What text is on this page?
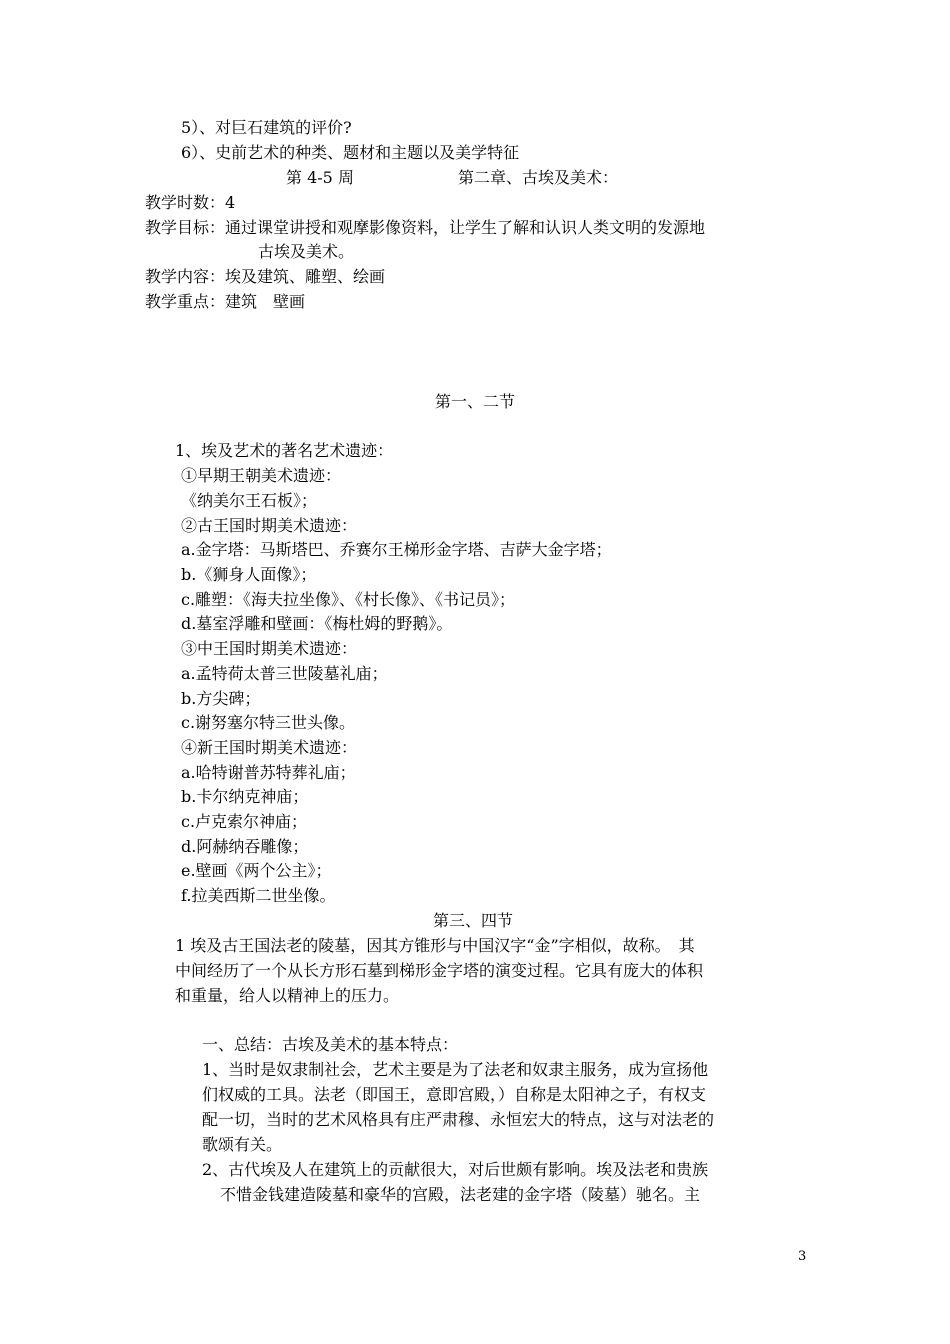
5）、对巨石建筑的评价?
6）、史前艺术的种类、题材和主题以及美学特征
第 4-5 周	第二章、古埃及美术：
教学时数：4
教学目标：通过课堂讲授和观摩影像资料，让学生了解和认识人类文明的发源地
古埃及美术。
教学内容：埃及建筑、雕塑、绘画
教学重点：建筑　壁画
第一、二节
1、埃及艺术的著名艺术遗迹：
①早期王朝美术遗迹：
《纳美尔王石板》；
②古王国时期美术遗迹：
a.金字塔：马斯塔巴、乔赛尔王梯形金字塔、吉萨大金字塔；
b.《狮身人面像》；
c.雕塑：《海夫拉坐像》、《村长像》、《书记员》；
d.墓室浮雕和壁画：《梅杜姆的野鹅》。
③中王国时期美术遗迹：
a.孟特荷太普三世陵墓礼庙；
b.方尖碑；
c.谢努塞尔特三世头像。
④新王国时期美术遗迹：
a.哈特谢普苏特葬礼庙；
b.卡尔纳克神庙；
c.卢克索尔神庙；
d.阿赫纳吞雕像；
e.壁画《两个公主》；
f.拉美西斯二世坐像。
第三、四节
1 埃及古王国法老的陵墓，因其方锥形与中国汉字“金”字相似，故称。　其
中间经历了一个从长方形石墓到梯形金字塔的演变过程。它具有庞大的体积
和重量，给人以精神上的压力。
一、总结：古埃及美术的基本特点：
1、当时是奴隶制社会，艺术主要是为了法老和奴隶主服务，成为宣扬他
们权威的工具。法老（即国王，意即宫殿，）自称是太阳神之子，有权支
配一切，当时的艺术风格具有庄严肃穆、永恒宏大的特点，这与对法老的
歌颂有关。
2、古代埃及人在建筑上的贡献很大，对后世颇有影响。埃及法老和贵族
不惜金钱建造陵墓和豪华的宫殿，法老建的金字塔（陵墓）驰名。主
3
